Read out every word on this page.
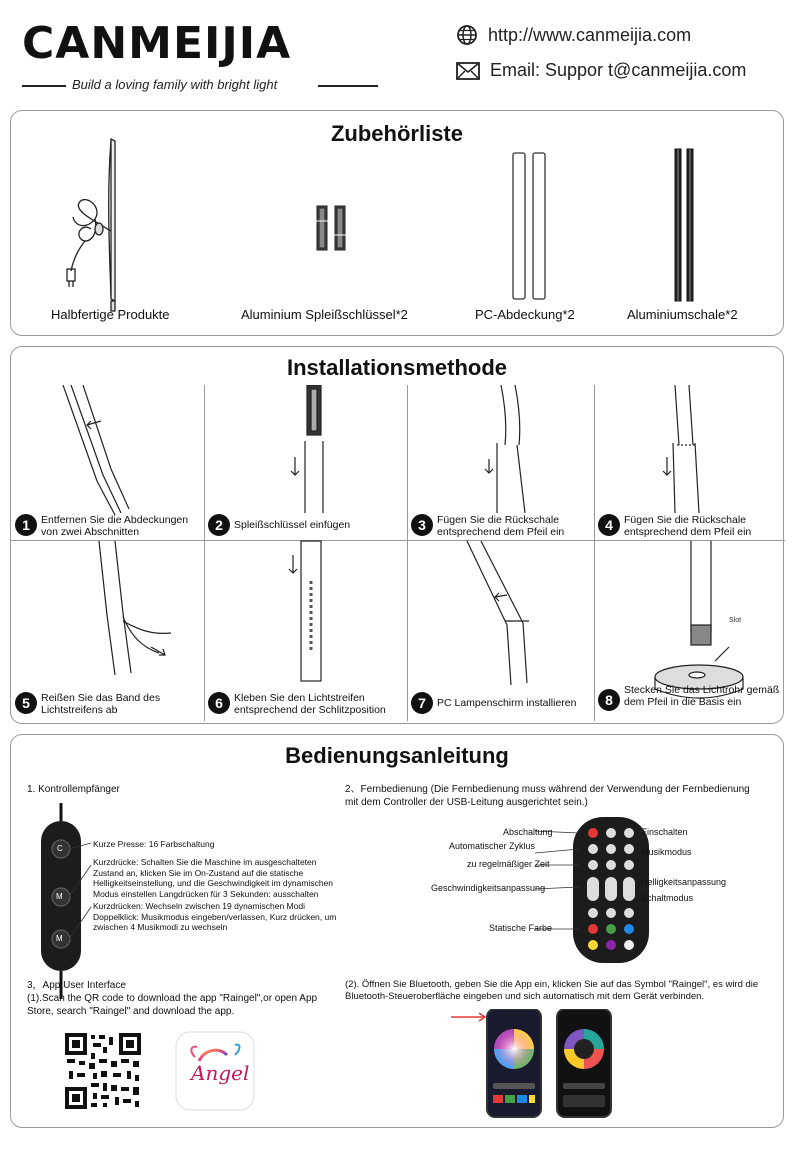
CANMEIJIA
Build a loving family with bright light
http://www.canmeijia.com
Email: Suppor t@canmeijia.com
Zubehörliste
Halbfertige Produkte	Aluminium Spleißschlüssel*2	PC-Abdeckung*2	Aluminiumschale*2
Installationsmethode
Slot
1	Entfernen Sie die Abdeckungen von zwei Abschnitten	2	Spleißschlüssel einfügen	3	Fügen Sie die Rückschale entsprechend dem Pfeil ein	4	Fügen Sie die Rückschale entsprechend dem Pfeil ein
5	Reißen Sie das Band des Lichtstreifens ab	6	Kleben Sie den Lichtstreifen entsprechend der Schlitzposition	7	PC Lampenschirm installieren	8
Stecken Sie das Lichtrohr gemäß dem Pfeil in die Basis ein
Bedienungsanleitung
1. Kontrollempfänger
C
M
M
Kurze Presse: 16 Farbschaltung
Kurzdrücke: Schalten Sie die Maschine im ausgeschalteten Zustand an, klicken Sie im On-Zustand auf die statische Helligkeitseinstellung, und die Geschwindigkeit im dynamischen Modus einstellen Langdrücken für 3 Sekunden: ausschalten
Kurzdrücken: Wechseln zwischen 19 dynamischen Modi Doppelklick: Musikmodus eingeben/verlassen, Kurz drücken, um zwischen 4 Musikmodi zu wechseln
2、Fernbedienung (Die Fernbedienung muss während der Verwendung der Fernbedienung mit dem Controller der USB-Leitung ausgerichtet sein.)
Abschaltung
Automatischer Zyklus
zu regelmäßiger Zeit
Geschwindigkeitsanpassung
Statische Farbe
Einschalten
Musikmodus
Helligkeitsanpassung
Schaltmodus
3，App User Interface
(1).Scan the QR code to download the app "Raingel",or open App Store, search "Raingel" and download the app.
Angel
(2). Öffnen Sie Bluetooth, geben Sie die App ein, klicken Sie auf das Symbol "Raingel", es wird die Bluetooth-Steueroberfläche eingeben und sich automatisch mit dem Gerät verbinden.
